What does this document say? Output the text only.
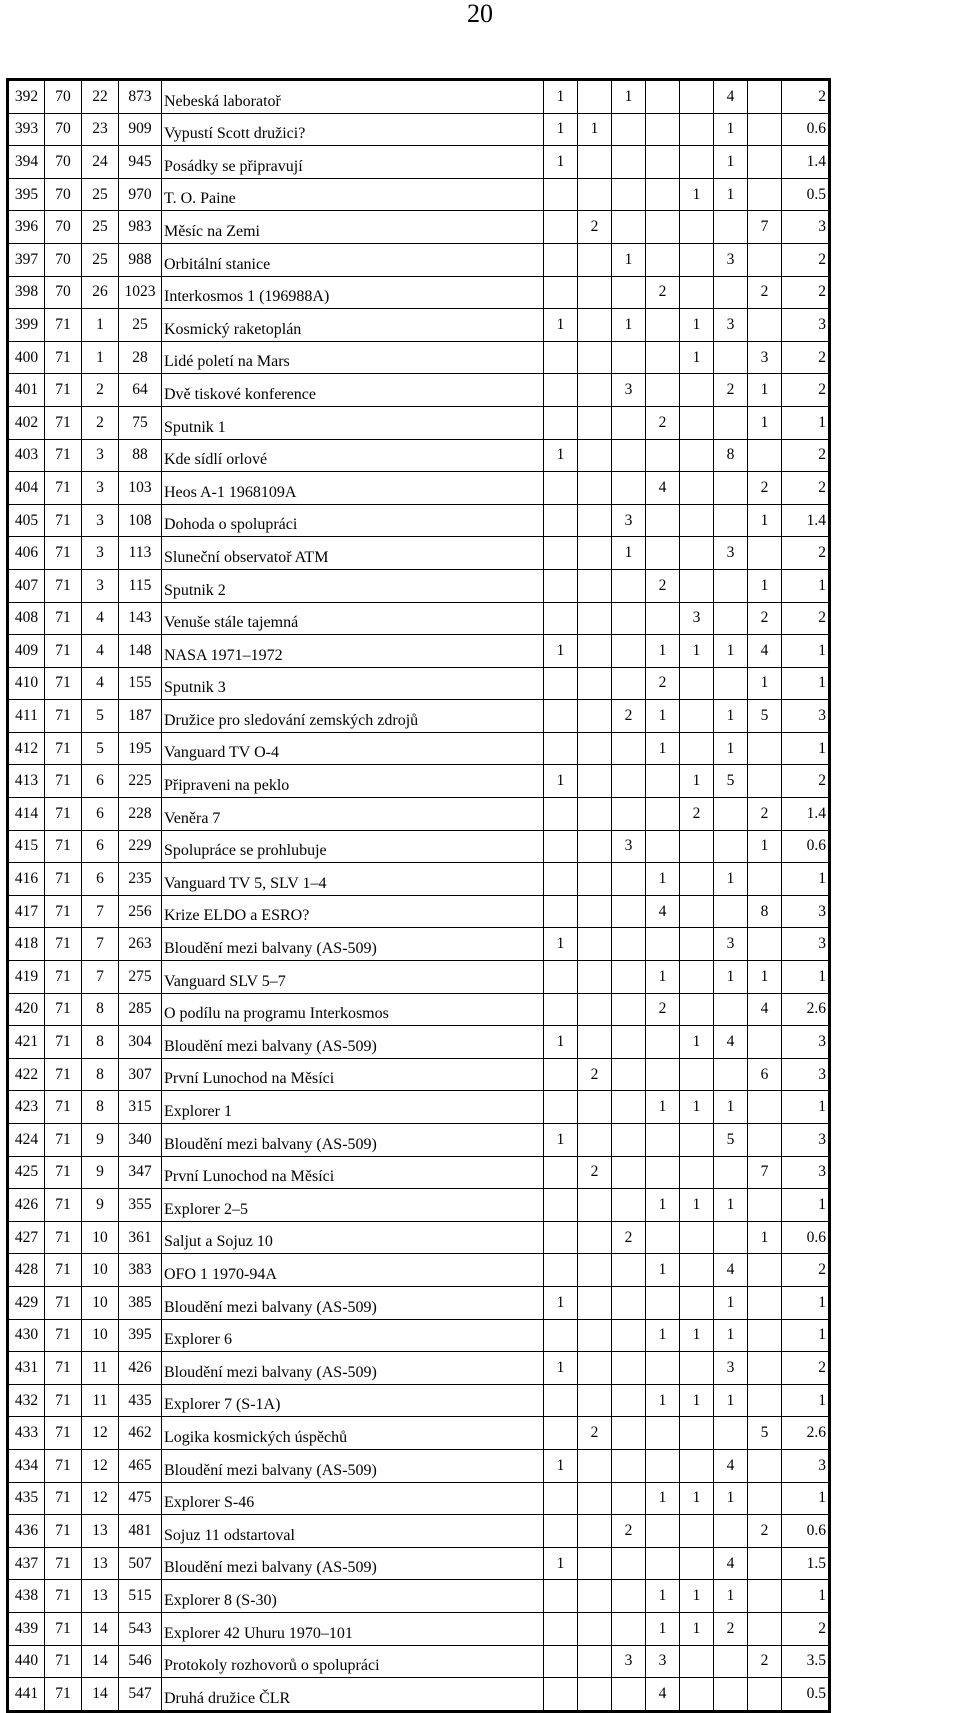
20
392	70	22	873	Nebeská laboratoř	1		1			4		2
393	70	23	909	Vypustí Scott družici?	1	1				1		0.6
394	70	24	945	Posádky se připravují	1					1		1.4
395	70	25	970	T. O. Paine					1	1		0.5
396	70	25	983	Měsíc na Zemi		2					7	3
397	70	25	988	Orbitální stanice			1			3		2
398	70	26	1023	Interkosmos 1 (196988A)				2			2	2
399	71	1	25	Kosmický raketoplán	1		1		1	3		3
400	71	1	28	Lidé poletí na Mars					1		3	2
401	71	2	64	Dvě tiskové konference			3			2	1	2
402	71	2	75	Sputnik 1				2			1	1
403	71	3	88	Kde sídlí orlové	1					8		2
404	71	3	103	Heos A-1 1968109A				4			2	2
405	71	3	108	Dohoda o spolupráci			3				1	1.4
406	71	3	113	Sluneční observatoř ATM			1			3		2
407	71	3	115	Sputnik 2				2			1	1
408	71	4	143	Venuše stále tajemná					3		2	2
409	71	4	148	NASA 1971–1972	1			1	1	1	4	1
410	71	4	155	Sputnik 3				2			1	1
411	71	5	187	Družice pro sledování zemských zdrojů			2	1		1	5	3
412	71	5	195	Vanguard TV O-4				1		1		1
413	71	6	225	Připraveni na peklo	1				1	5		2
414	71	6	228	Veněra 7					2		2	1.4
415	71	6	229	Spolupráce se prohlubuje			3				1	0.6
416	71	6	235	Vanguard TV 5, SLV 1–4				1		1		1
417	71	7	256	Krize ELDO a ESRO?				4			8	3
418	71	7	263	Bloudění mezi balvany (AS-509)	1					3		3
419	71	7	275	Vanguard SLV 5–7				1		1	1	1
420	71	8	285	O podílu na programu Interkosmos				2			4	2.6
421	71	8	304	Bloudění mezi balvany (AS-509)	1				1	4		3
422	71	8	307	První Lunochod na Měsíci		2					6	3
423	71	8	315	Explorer 1				1	1	1		1
424	71	9	340	Bloudění mezi balvany (AS-509)	1					5		3
425	71	9	347	První Lunochod na Měsíci		2					7	3
426	71	9	355	Explorer 2–5				1	1	1		1
427	71	10	361	Saljut a Sojuz 10			2				1	0.6
428	71	10	383	OFO 1 1970-94A				1		4		2
429	71	10	385	Bloudění mezi balvany (AS-509)	1					1		1
430	71	10	395	Explorer 6				1	1	1		1
431	71	11	426	Bloudění mezi balvany (AS-509)	1					3		2
432	71	11	435	Explorer 7 (S-1A)				1	1	1		1
433	71	12	462	Logika kosmických úspěchů		2					5	2.6
434	71	12	465	Bloudění mezi balvany (AS-509)	1					4		3
435	71	12	475	Explorer S-46				1	1	1		1
436	71	13	481	Sojuz 11 odstartoval			2				2	0.6
437	71	13	507	Bloudění mezi balvany (AS-509)	1					4		1.5
438	71	13	515	Explorer 8 (S-30)				1	1	1		1
439	71	14	543	Explorer 42 Uhuru 1970–101				1	1	2		2
440	71	14	546	Protokoly rozhovorů o spolupráci			3	3			2	3.5
441	71	14	547	Druhá družice ČLR				4				0.5
